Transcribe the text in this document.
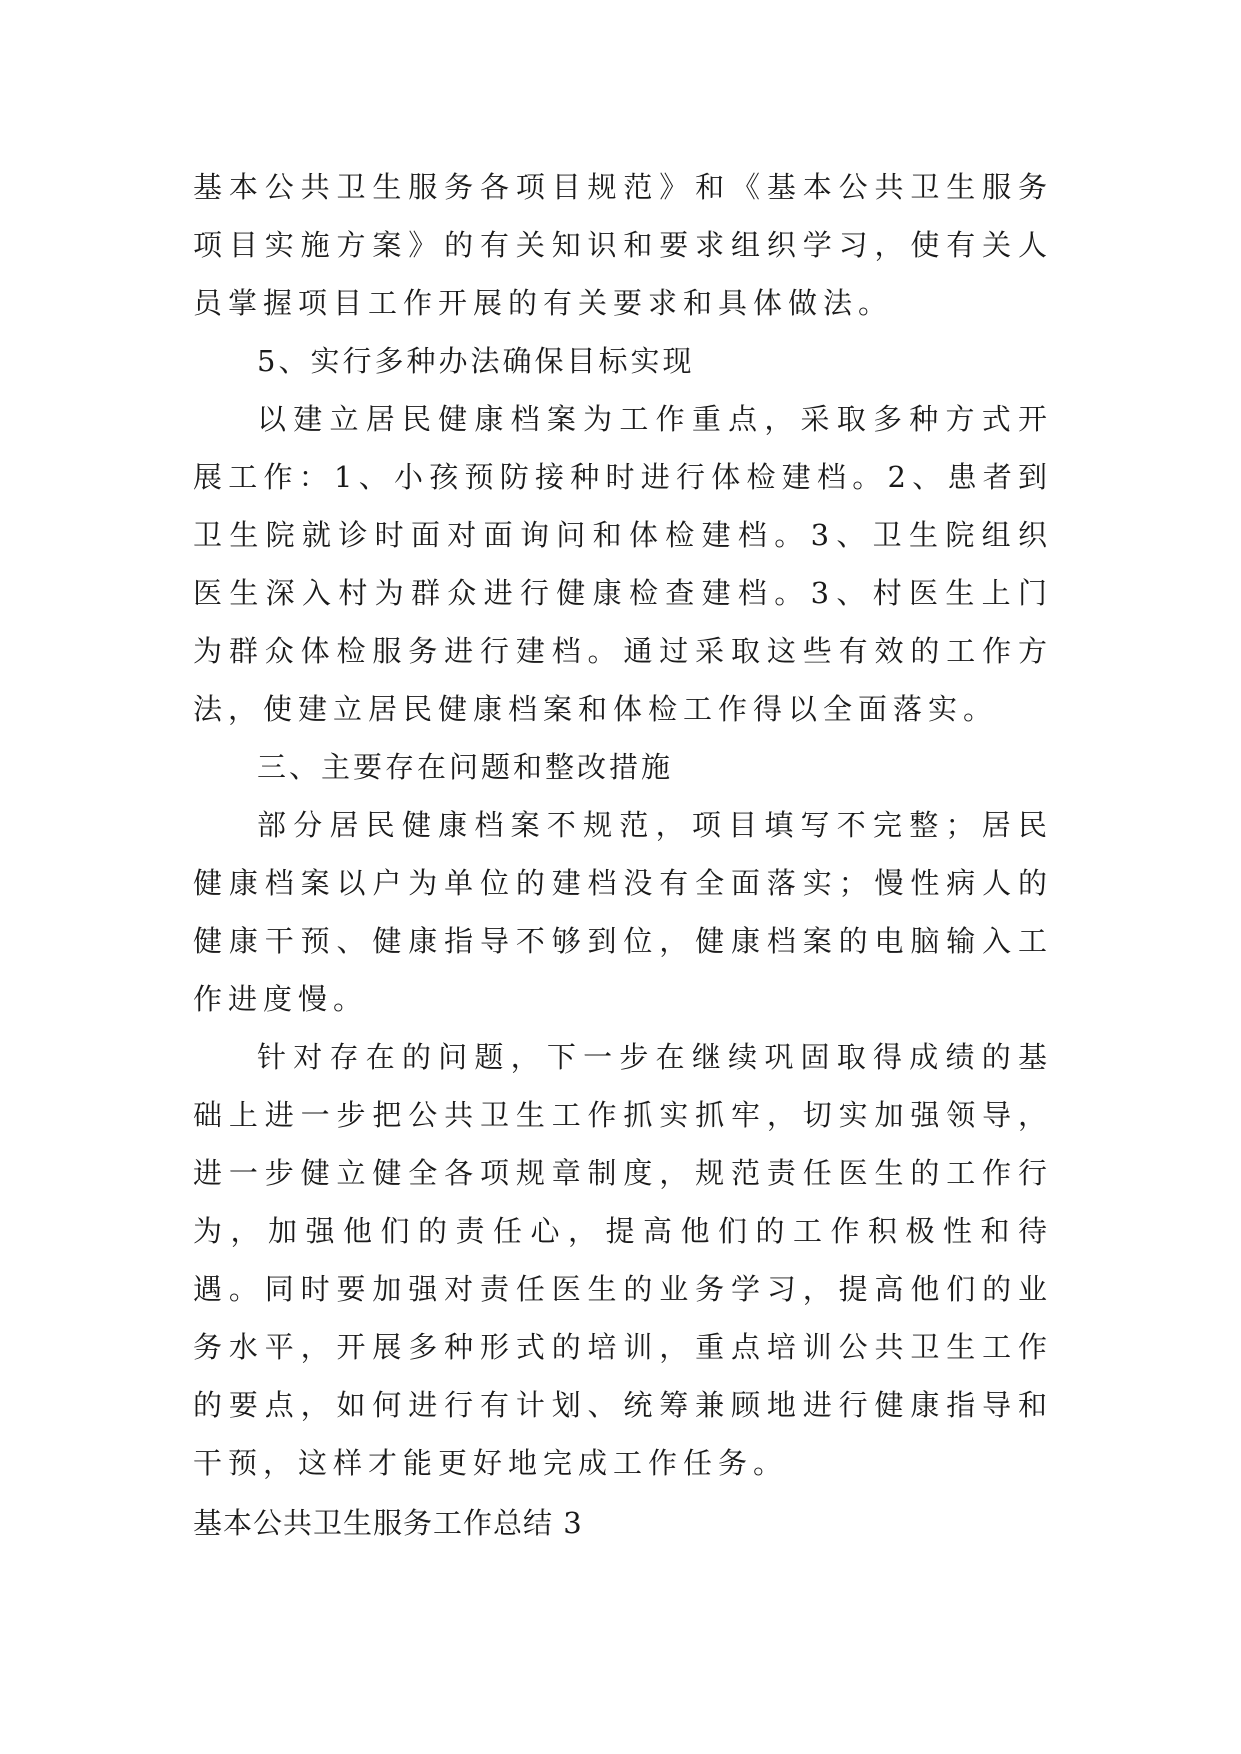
基本公共卫生服务各项目规范》和《基本公共卫生服务项目实施方案》的有关知识和要求组织学习，使有关人员掌握项目工作开展的有关要求和具体做法。

5、实行多种办法确保目标实现

以建立居民健康档案为工作重点，采取多种方式开展工作：1、小孩预防接种时进行体检建档。2、患者到卫生院就诊时面对面询问和体检建档。3、卫生院组织医生深入村为群众进行健康检查建档。3、村医生上门为群众体检服务进行建档。通过采取这些有效的工作方法，使建立居民健康档案和体检工作得以全面落实。

三、主要存在问题和整改措施

部分居民健康档案不规范，项目填写不完整；居民健康档案以户为单位的建档没有全面落实；慢性病人的健康干预、健康指导不够到位，健康档案的电脑输入工作进度慢。

针对存在的问题，下一步在继续巩固取得成绩的基础上进一步把公共卫生工作抓实抓牢，切实加强领导，进一步健立健全各项规章制度，规范责任医生的工作行为，加强他们的责任心，提高他们的工作积极性和待遇。同时要加强对责任医生的业务学习，提高他们的业务水平，开展多种形式的培训，重点培训公共卫生工作的要点，如何进行有计划、统筹兼顾地进行健康指导和干预，这样才能更好地完成工作任务。

基本公共卫生服务工作总结 3
